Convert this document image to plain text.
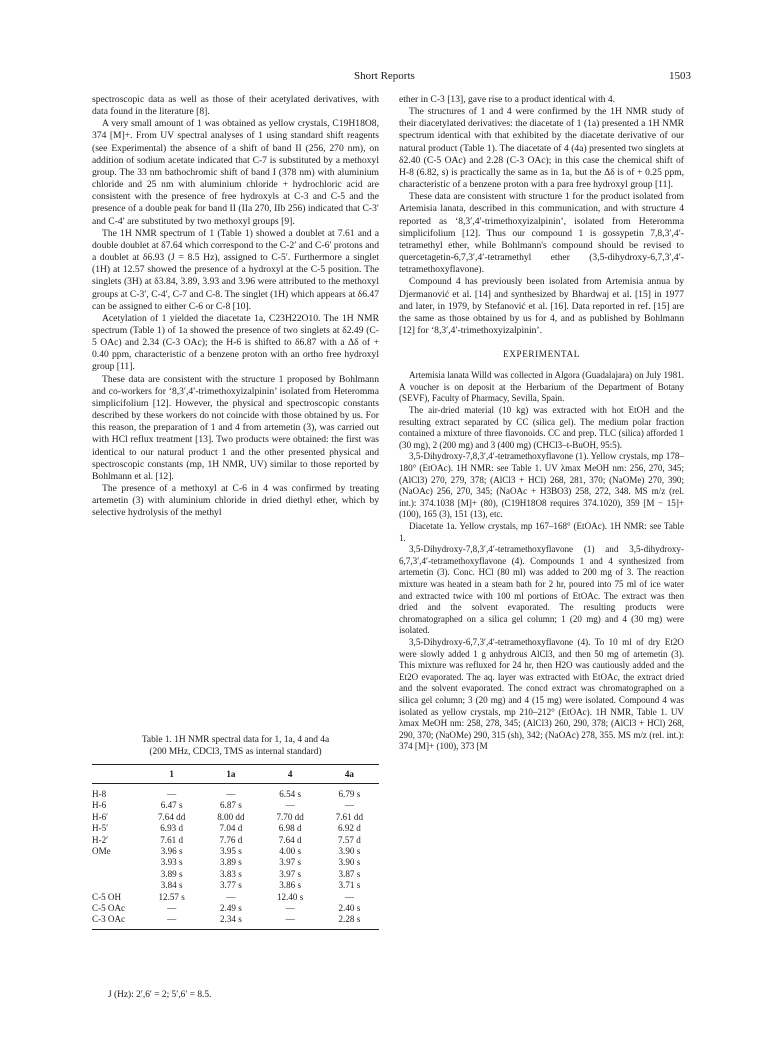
Short Reports	1503

spectroscopic data as well as those of their acetylated derivatives, with data found in the literature [8].

A very small amount of 1 was obtained as yellow crystals, C19H18O8, 374 [M]+. From UV spectral analyses of 1 using standard shift reagents (see Experimental) the absence of a shift of band II (256, 270 nm), on addition of sodium acetate indicated that C-7 is substituted by a methoxyl group. The 33 nm bathochromic shift of band I (378 nm) with aluminium chloride and 25 nm with aluminium chloride + hydrochloric acid are consistent with the presence of free hydroxyls at C-3 and C-5 and the presence of a double peak for band II (IIa 270, IIb 256) indicated that C-3′ and C-4′ are substituted by two methoxyl groups [9].

The 1H NMR spectrum of 1 (Table 1) showed a doublet at 7.61 and a double doublet at δ7.64 which correspond to the C-2′ and C-6′ protons and a doublet at δ6.93 (J = 8.5 Hz), assigned to C-5′. Furthermore a singlet (1H) at 12.57 showed the presence of a hydroxyl at the C-5 position. The singlets (3H) at δ3.84, 3.89, 3.93 and 3.96 were attributed to the methoxyl groups at C-3′, C-4′, C-7 and C-8. The singlet (1H) which appears at δ6.47 can be assigned to either C-6 or C-8 [10].

Acetylation of 1 yielded the diacetate 1a, C23H22O10. The 1H NMR spectrum (Table 1) of 1a showed the presence of two singlets at δ2.49 (C-5 OAc) and 2.34 (C-3 OAc); the H-6 is shifted to δ6.87 with a Δδ of + 0.40 ppm, characteristic of a benzene proton with an ortho free hydroxyl group [11].

These data are consistent with the structure 1 proposed by Bohlmann and co-workers for ‘8,3′,4′-trimethoxyizalpinin’ isolated from Heteromma simplicifolium [12]. However, the physical and spectroscopic constants described by these workers do not coincide with those obtained by us. For this reason, the preparation of 1 and 4 from artemetin (3), was carried out with HCl reflux treatment [13]. Two products were obtained: the first was identical to our natural product 1 and the other presented physical and spectroscopic constants (mp, 1H NMR, UV) similar to those reported by Bohlmann et al. [12].

The presence of a methoxyl at C-6 in 4 was confirmed by treating artemetin (3) with aluminium chloride in dried diethyl ether, which by selective hydrolysis of the methyl

Table 1. 1H NMR spectral data for 1, 1a, 4 and 4a
(200 MHz, CDCl3, TMS as internal standard)
	1	1a	4	4a
H-8	—	—	6.54 s	6.79 s
H-6	6.47 s	6.87 s	—	—
H-6′	7.64 dd	8.00 dd	7.70 dd	7.61 dd
H-5′	6.93 d	7.04 d	6.98 d	6.92 d
H-2′	7.61 d	7.76 d	7.64 d	7.57 d
OMe	3.96 s	3.95 s	4.00 s	3.90 s
	3.93 s	3.89 s	3.97 s	3.90 s
	3.89 s	3.83 s	3.97 s	3.87 s
	3.84 s	3.77 s	3.86 s	3.71 s
C-5 OH	12.57 s	—	12.40 s	—
C-5 OAc	—	2.49 s	—	2.40 s
C-3 OAc	—	2.34 s	—	2.28 s
J (Hz): 2′,6′ = 2; 5′,6′ = 8.5.

ether in C-3 [13], gave rise to a product identical with 4.

The structures of 1 and 4 were confirmed by the 1H NMR study of their diacetylated derivatives: the diacetate of 1 (1a) presented a 1H NMR spectrum identical with that exhibited by the diacetate derivative of our natural product (Table 1). The diacetate of 4 (4a) presented two singlets at δ2.40 (C-5 OAc) and 2.28 (C-3 OAc); in this case the chemical shift of H-8 (6.82, s) is practically the same as in 1a, but the Δδ is of + 0.25 ppm, characteristic of a benzene proton with a para free hydroxyl group [11].

These data are consistent with structure 1 for the product isolated from Artemisia lanata, described in this communication, and with structure 4 reported as ‘8,3′,4′-trimethoxyizalpinin’, isolated from Heteromma simplicifolium [12]. Thus our compound 1 is gossypetin 7,8,3′,4′-tetramethyl ether, while Bohlmann's compound should be revised to quercetagetin-6,7,3′,4′-tetramethyl ether (3,5-dihydroxy-6,7,3′,4′-tetramethoxyflavone).

Compound 4 has previously been isolated from Artemisia annua by Djermanović et al. [14] and synthesized by Bhardwaj et al. [15] in 1977 and later, in 1979, by Stefanović et al. [16]. Data reported in ref. [15] are the same as those obtained by us for 4, and as published by Bohlmann [12] for ‘8,3′,4′-trimethoxyizalpinin’.

EXPERIMENTAL

Artemisia lanata Willd was collected in Algora (Guadalajara) on July 1981. A voucher is on deposit at the Herbarium of the Department of Botany (SEVF), Faculty of Pharmacy, Sevilla, Spain.

The air-dried material (10 kg) was extracted with hot EtOH and the resulting extract separated by CC (silica gel). The medium polar fraction contained a mixture of three flavonoids. CC and prep. TLC (silica) afforded 1 (30 mg), 2 (200 mg) and 3 (400 mg) (CHCl3–t-BuOH, 95:5).

3,5-Dihydroxy-7,8,3′,4′-tetramethoxyflavone (1). Yellow crystals, mp 178–180° (EtOAc). 1H NMR: see Table 1. UV λmax MeOH nm: 256, 270, 345; (AlCl3) 270, 279, 378; (AlCl3 + HCl) 268, 281, 370; (NaOMe) 270, 390; (NaOAc) 256, 270, 345; (NaOAc + H3BO3) 258, 272, 348. MS m/z (rel. int.): 374.1038 [M]+ (80), (C19H18O8 requires 374.1020), 359 [M − 15]+ (100), 165 (3), 151 (13), etc.

Diacetate 1a. Yellow crystals, mp 167–168° (EtOAc). 1H NMR: see Table 1.

3,5-Dihydroxy-7,8,3′,4′-tetramethoxyflavone (1) and 3,5-dihydroxy-6,7,3′,4′-tetramethoxyflavone (4). Compounds 1 and 4 synthesized from artemetin (3). Conc. HCl (80 ml) was added to 200 mg of 3. The reaction mixture was heated in a steam bath for 2 hr, poured into 75 ml of ice water and extracted twice with 100 ml portions of EtOAc. The extract was then dried and the solvent evaporated. The resulting products were chromatographed on a silica gel column; 1 (20 mg) and 4 (30 mg) were isolated.

3,5-Dihydroxy-6,7,3′,4′-tetramethoxyflavone (4). To 10 ml of dry Et2O were slowly added 1 g anhydrous AlCl3, and then 50 mg of artemetin (3). This mixture was refluxed for 24 hr, then H2O was cautiously added and the Et2O evaporated. The aq. layer was extracted with EtOAc, the extract dried and the solvent evaporated. The concd extract was chromatographed on a silica gel column; 3 (20 mg) and 4 (15 mg) were isolated. Compound 4 was isolated as yellow crystals, mp 210–212° (EtOAc). 1H NMR, Table 1. UV λmax MeOH nm: 258, 278, 345; (AlCl3) 260, 290, 378; (AlCl3 + HCl) 268, 290, 370; (NaOMe) 290, 315 (sh), 342; (NaOAc) 278, 355. MS m/z (rel. int.): 374 [M]+ (100), 373 [M
